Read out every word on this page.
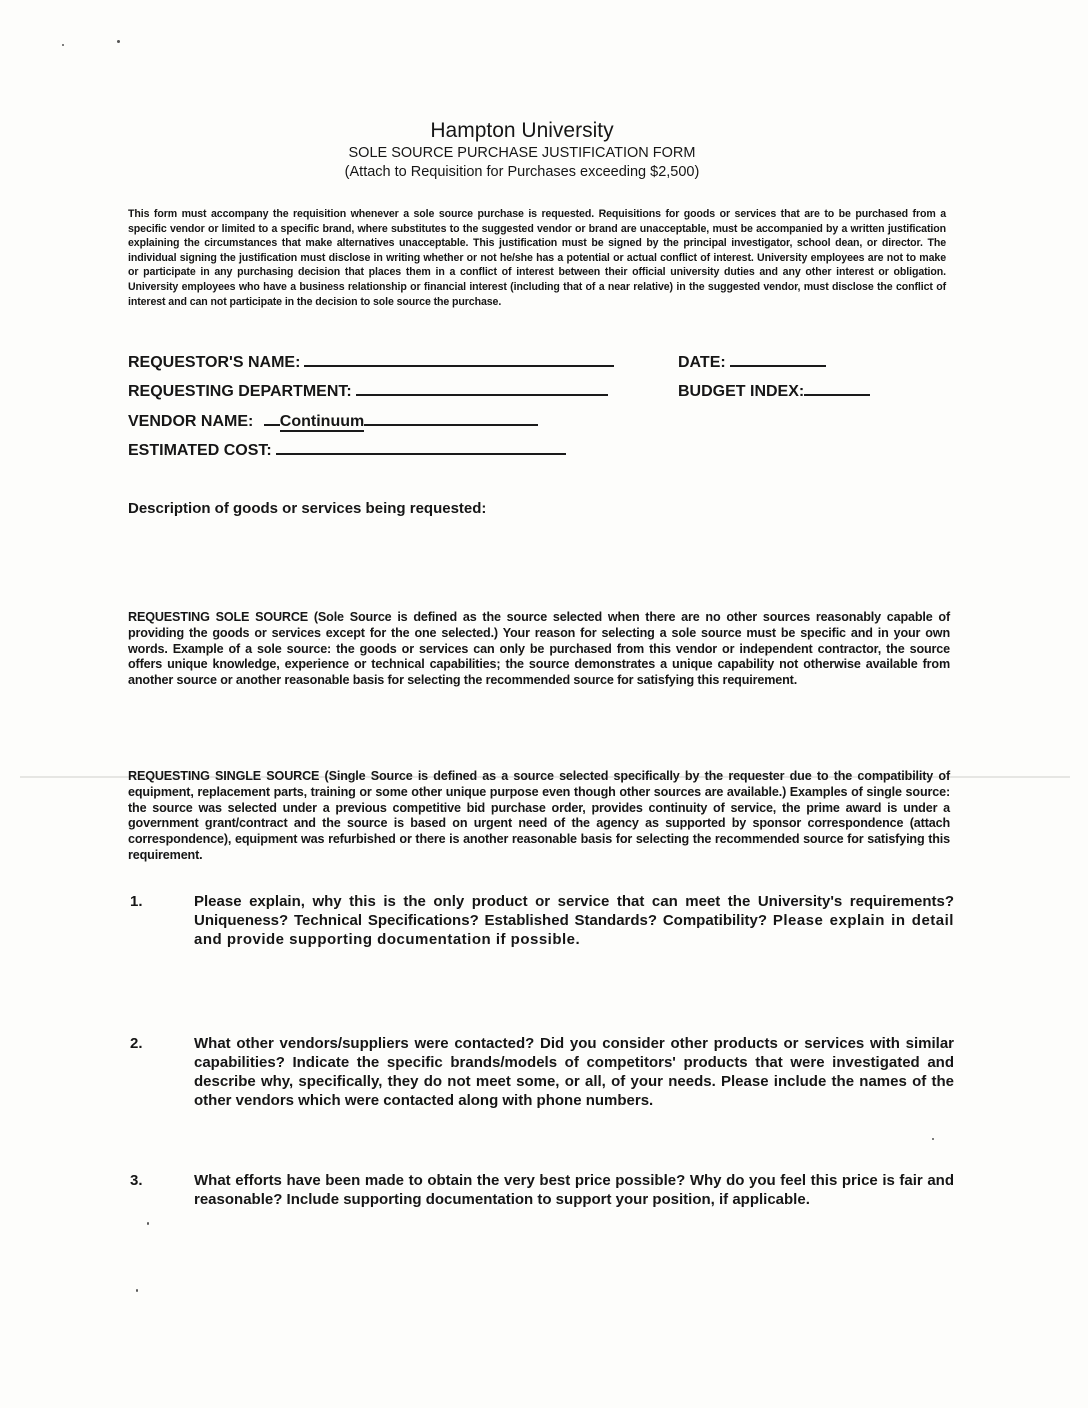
Hampton University

SOLE SOURCE PURCHASE JUSTIFICATION FORM

(Attach to Requisition for Purchases exceeding $2,500)

This form must accompany the requisition whenever a sole source purchase is requested. Requisitions for goods or services that are to be purchased from a specific vendor or limited to a specific brand, where substitutes to the suggested vendor or brand are unacceptable, must be accompanied by a written justification explaining the circumstances that make alternatives unacceptable. This justification must be signed by the principal investigator, school dean, or director. The individual signing the justification must disclose in writing whether or not he/she has a potential or actual conflict of interest. University employees are not to make or participate in any purchasing decision that places them in a conflict of interest between their official university duties and any other interest or obligation. University employees who have a business relationship or financial interest (including that of a near relative) in the suggested vendor, must disclose the conflict of interest and can not participate in the decision to sole source the purchase.

REQUESTOR'S NAME:	DATE:
REQUESTING DEPARTMENT:	BUDGET INDEX:
VENDOR NAME: Continuum
ESTIMATED COST:
Description of goods or services being requested:

REQUESTING SOLE SOURCE (Sole Source is defined as the source selected when there are no other sources reasonably capable of providing the goods or services except for the one selected.) Your reason for selecting a sole source must be specific and in your own words. Example of a sole source: the goods or services can only be purchased from this vendor or independent contractor, the source offers unique knowledge, experience or technical capabilities; the source demonstrates a unique capability not otherwise available from another source or another reasonable basis for selecting the recommended source for satisfying this requirement.

REQUESTING SINGLE SOURCE (Single Source is defined as a source selected specifically by the requester due to the compatibility of equipment, replacement parts, training or some other unique purpose even though other sources are available.) Examples of single source: the source was selected under a previous competitive bid purchase order, provides continuity of service, the prime award is under a government grant/contract and the source is based on urgent need of the agency as supported by sponsor correspondence (attach correspondence), equipment was refurbished or there is another reasonable basis for selecting the recommended source for satisfying this requirement.

1.	Please explain, why this is the only product or service that can meet the University's requirements? Uniqueness? Technical Specifications? Established Standards? Compatibility? Please explain in detail and provide supporting documentation if possible.

2.	What other vendors/suppliers were contacted? Did you consider other products or services with similar capabilities? Indicate the specific brands/models of competitors' products that were investigated and describe why, specifically, they do not meet some, or all, of your needs. Please include the names of the other vendors which were contacted along with phone numbers.

3.	What efforts have been made to obtain the very best price possible? Why do you feel this price is fair and reasonable? Include supporting documentation to support your position, if applicable.
